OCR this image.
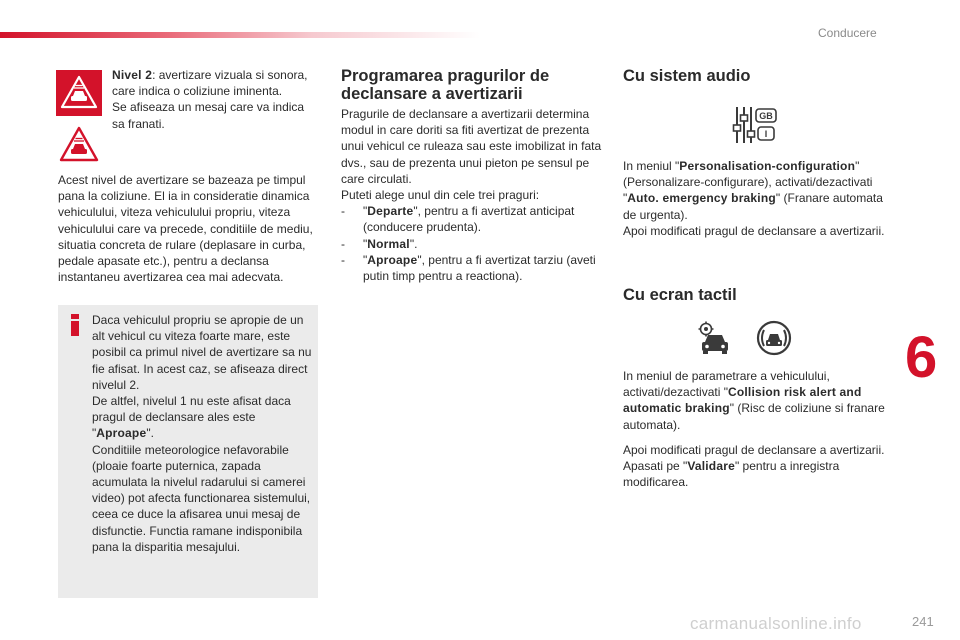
Conducere

Nivel 2: avertizare vizuala si sonora, care indica o coliziune iminenta.

Se afiseaza un mesaj care va indica sa franati.

Acest nivel de avertizare se bazeaza pe timpul pana la coliziune. El ia in consideratie dinamica vehiculului, viteza vehiculului propriu, viteza vehiculului care va precede, conditiile de mediu, situatia concreta de rulare (deplasare in curba, pedale apasate etc.), pentru a declansa instantaneu avertizarea cea mai adecvata.

Daca vehiculul propriu se apropie de un alt vehicul cu viteza foarte mare, este posibil ca primul nivel de avertizare sa nu fie afisat. In acest caz, se afiseaza direct nivelul 2.

De altfel, nivelul 1 nu este afisat daca pragul de declansare ales este "Aproape".

Conditiile meteorologice nefavorabile (ploaie foarte puternica, zapada acumulata la nivelul radarului si camerei video) pot afecta functionarea sistemului, ceea ce duce la afisarea unui mesaj de disfunctie. Functia ramane indisponibila pana la disparitia mesajului.

Programarea pragurilor de declansare a avertizarii

Pragurile de declansare a avertizarii determina modul in care doriti sa fiti avertizat de prezenta unui vehicul ce ruleaza sau este imobilizat in fata dvs., sau de prezenta unui pieton pe sensul pe care circulati.

Puteti alege unul din cele trei praguri:

-	"Departe", pentru a fi avertizat anticipat (conducere prudenta).
-	"Normal".
-	"Aproape", pentru a fi avertizat tarziu (aveti putin timp pentru a reactiona).
Cu sistem audio
GB
I

In meniul "Personalisation-configuration" (Personalizare-configurare), activati/dezactivati "Auto. emergency braking" (Franare automata de urgenta).

Apoi modificati pragul de declansare a avertizarii.

Cu ecran tactil

In meniul de parametrare a vehiculului, activati/dezactivati "Collision risk alert and automatic braking" (Risc de coliziune si franare automata).

Apoi modificati pragul de declansare a avertizarii.

Apasati pe "Validare" pentru a inregistra modificarea.

6
carmanualsonline.info	241
